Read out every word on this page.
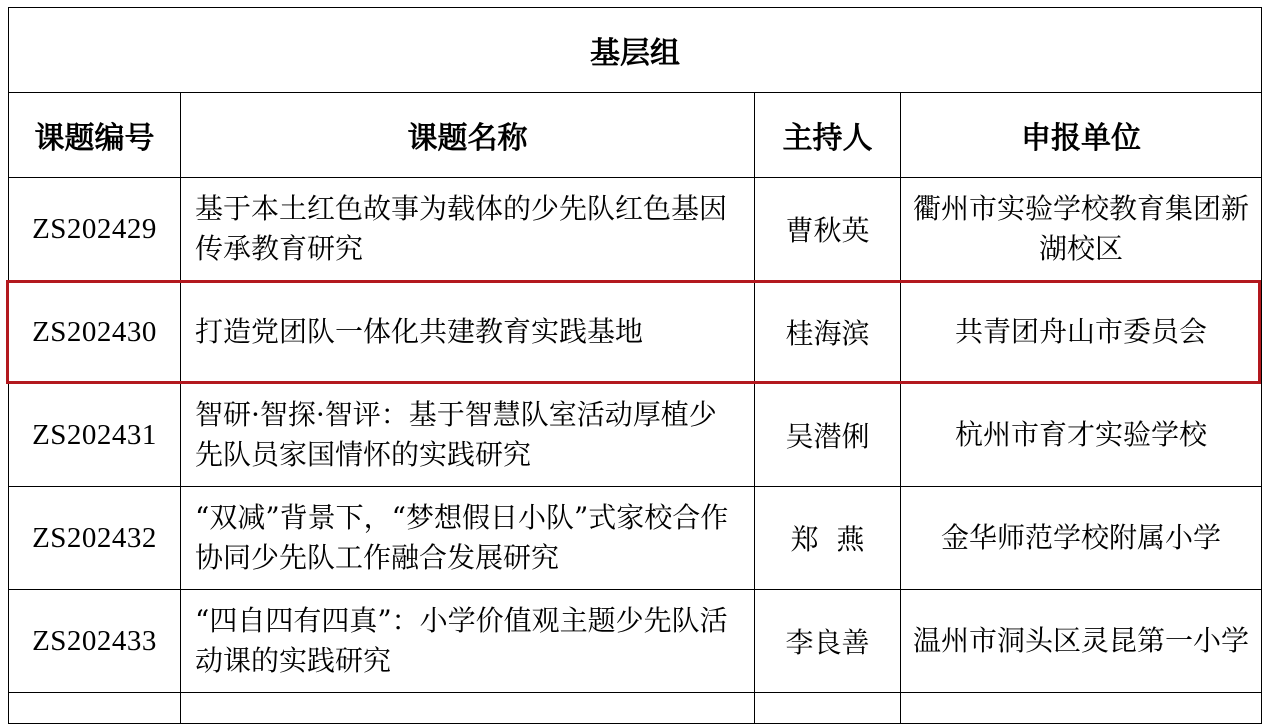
基层组			
课题编号	课题名称	主持人	申报单位
ZS202429	基于本土红色故事为载体的少先队红色基因传承教育研究	曹秋英	衢州市实验学校教育集团新湖校区
ZS202430	打造党团队一体化共建教育实践基地	桂海滨	共青团舟山市委员会
ZS202431	智研·智探·智评：基于智慧队室活动厚植少先队员家国情怀的实践研究	吴潜俐	杭州市育才实验学校
ZS202432	“双减”背景下，“梦想假日小队”式家校合作协同少先队工作融合发展研究	郑  燕	金华师范学校附属小学
ZS202433	“四自四有四真”：小学价值观主题少先队活动课的实践研究	李良善	温州市洞头区灵昆第一小学
